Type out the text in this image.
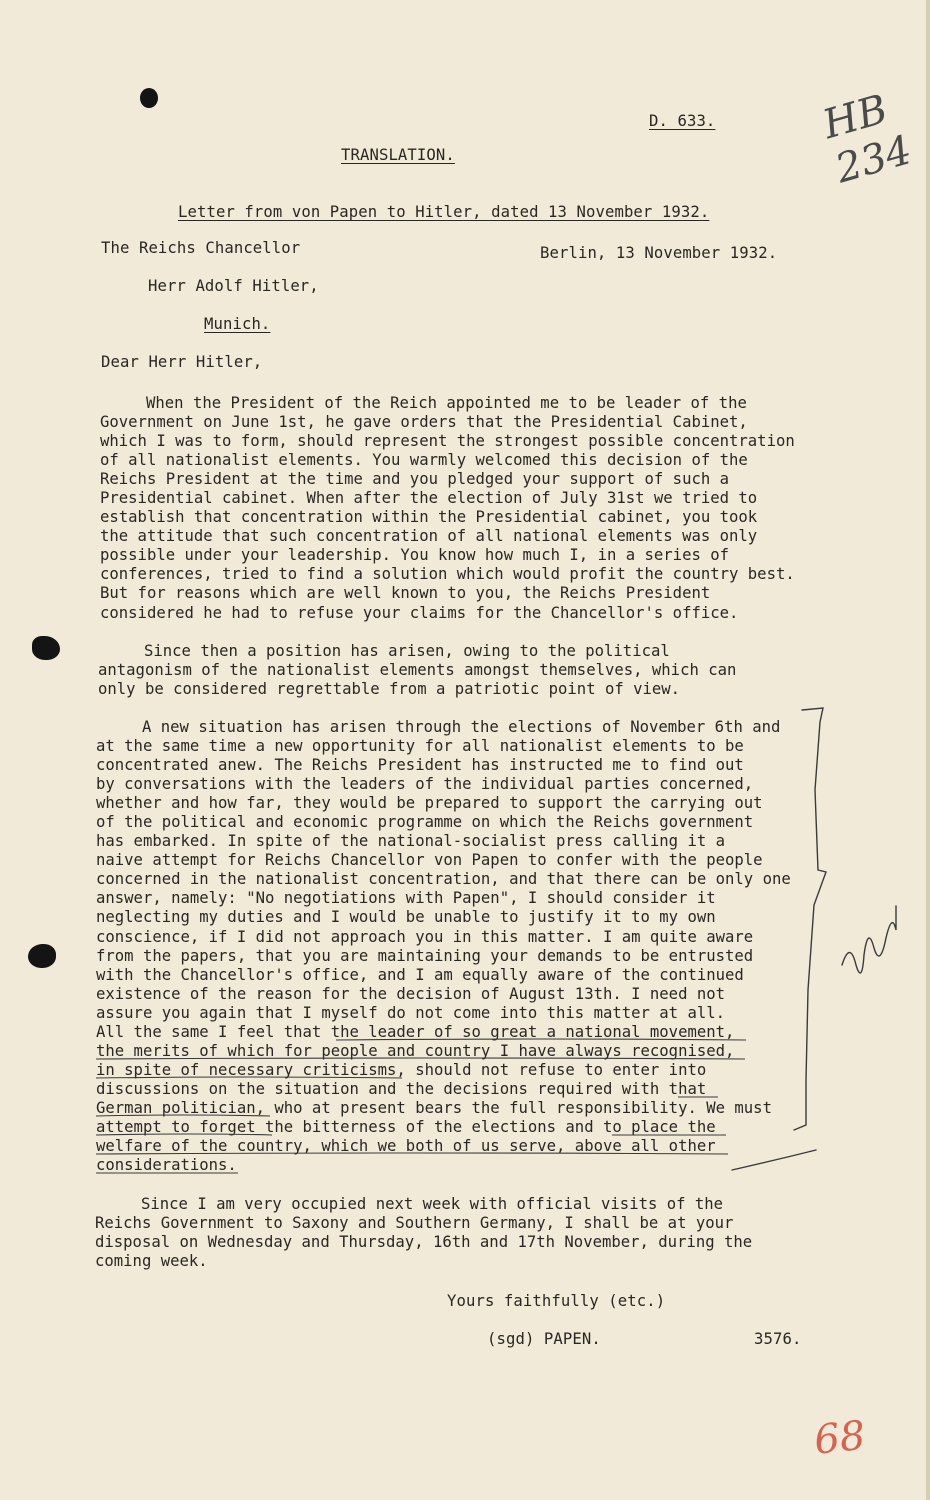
D. 633.	HB 234
TRANSLATION.
Letter from von Papen to Hitler, dated 13 November 1932.
The Reichs Chancellor	Berlin, 13 November 1932.
Herr Adolf Hitler,
Munich.
Dear Herr Hitler,
When the President of the Reich appointed me to be leader of the
Government on June 1st, he gave orders that the Presidential Cabinet,
which I was to form, should represent the strongest possible concentration
of all nationalist elements. You warmly welcomed this decision of the
Reichs President at the time and you pledged your support of such a
Presidential cabinet. When after the election of July 31st we tried to
establish that concentration within the Presidential cabinet, you took
the attitude that such concentration of all national elements was only
possible under your leadership. You know how much I, in a series of
conferences, tried to find a solution which would profit the country best.
But for reasons which are well known to you, the Reichs President
considered he had to refuse your claims for the Chancellor's office.
Since then a position has arisen, owing to the political
antagonism of the nationalist elements amongst themselves, which can
only be considered regrettable from a patriotic point of view.
A new situation has arisen through the elections of November 6th and
at the same time a new opportunity for all nationalist elements to be
concentrated anew. The Reichs President has instructed me to find out
by conversations with the leaders of the individual parties concerned,
whether and how far, they would be prepared to support the carrying out
of the political and economic programme on which the Reichs government
has embarked. In spite of the national-socialist press calling it a
naive attempt for Reichs Chancellor von Papen to confer with the people
concerned in the nationalist concentration, and that there can be only one
answer, namely: "No negotiations with Papen", I should consider it
neglecting my duties and I would be unable to justify it to my own
conscience, if I did not approach you in this matter. I am quite aware
from the papers, that you are maintaining your demands to be entrusted
with the Chancellor's office, and I am equally aware of the continued
existence of the reason for the decision of August 13th. I need not
assure you again that I myself do not come into this matter at all.
All the same I feel that the leader of so great a national movement,
the merits of which for people and country I have always recognised,
in spite of necessary criticisms, should not refuse to enter into
discussions on the situation and the decisions required with that
German politician, who at present bears the full responsibility. We must
attempt to forget the bitterness of the elections and to place the
welfare of the country, which we both of us serve, above all other
considerations.
Since I am very occupied next week with official visits of the
Reichs Government to Saxony and Southern Germany, I shall be at your
disposal on Wednesday and Thursday, 16th and 17th November, during the
coming week.
Yours faithfully (etc.)
(sgd) PAPEN.	3576.
68
